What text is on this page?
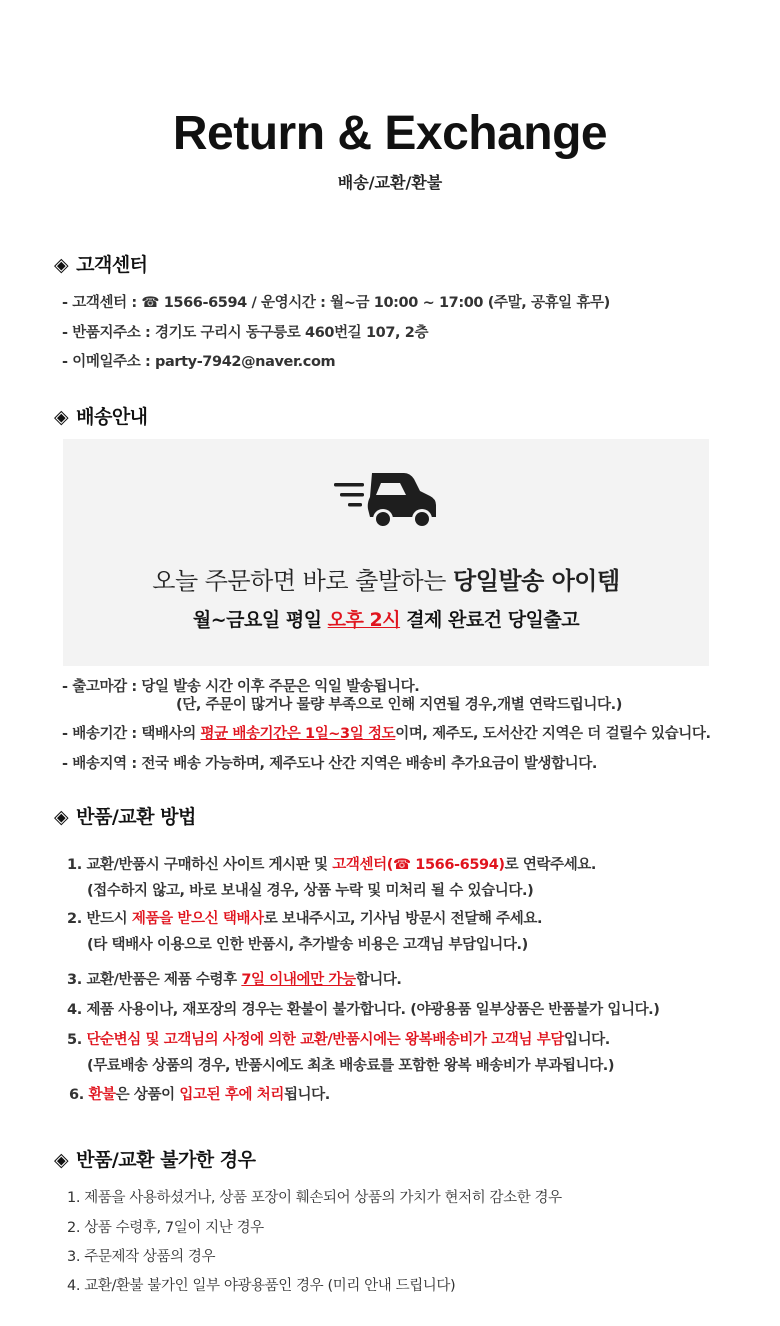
Return & Exchange
배송/교환/환불
◈ 고객센터
- 고객센터 : ☎ 1566-6594 / 운영시간 : 월~금 10:00 ~ 17:00 (주말, 공휴일 휴무)
- 반품지주소 : 경기도 구리시 동구릉로 460번길 107, 2층
- 이메일주소 : party-7942@naver.com
◈ 배송안내
오늘 주문하면 바로 출발하는 당일발송 아이템
월~금요일 평일 오후 2시 결제 완료건 당일출고
- 출고마감 : 당일 발송 시간 이후 주문은 익일 발송됩니다.
(단, 주문이 많거나 물량 부족으로 인해 지연될 경우,개별 연락드립니다.)
- 배송기간 : 택배사의 평균 배송기간은 1일~3일 정도이며, 제주도, 도서산간 지역은 더 걸릴수 있습니다.
- 배송지역 : 전국 배송 가능하며, 제주도나 산간 지역은 배송비 추가요금이 발생합니다.
◈ 반품/교환 방법
1. 교환/반품시 구매하신 사이트 게시판 및 고객센터(☎ 1566-6594)로 연락주세요.
(접수하지 않고, 바로 보내실 경우, 상품 누락 및 미처리 될 수 있습니다.)
2. 반드시 제품을 받으신 택배사로 보내주시고, 기사님 방문시 전달해 주세요.
(타 택배사 이용으로 인한 반품시, 추가발송 비용은 고객님 부담입니다.)
3. 교환/반품은 제품 수령후 7일 이내에만 가능합니다.
4. 제품 사용이나, 재포장의 경우는 환불이 불가합니다. (야광용품 일부상품은 반품불가 입니다.)
5. 단순변심 및 고객님의 사정에 의한 교환/반품시에는 왕복배송비가 고객님 부담입니다.
(무료배송 상품의 경우, 반품시에도 최초 배송료를 포함한 왕복 배송비가 부과됩니다.)
6. 환불은 상품이 입고된 후에 처리됩니다.
◈ 반품/교환 불가한 경우
1. 제품을 사용하셨거나, 상품 포장이 훼손되어 상품의 가치가 현저히 감소한 경우
2. 상품 수령후, 7일이 지난 경우
3. 주문제작 상품의 경우
4. 교환/환불 불가인 일부 야광용품인 경우 (미리 안내 드립니다)
